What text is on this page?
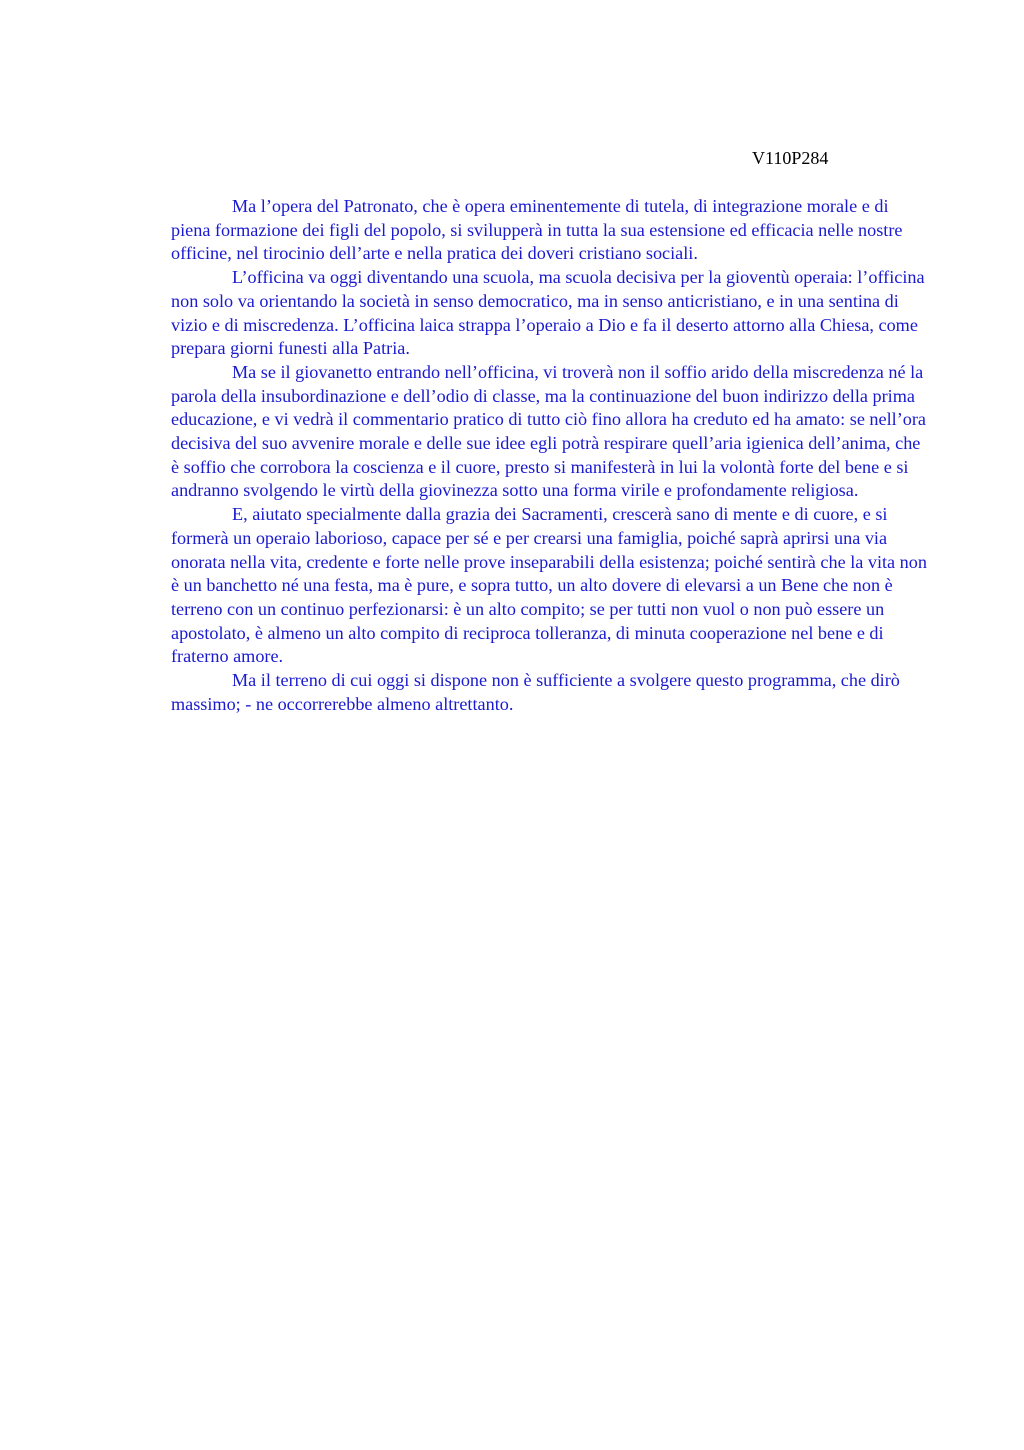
V110P284

Ma l’opera del Patronato, che è opera eminentemente di tutela, di integrazione morale e di piena formazione dei figli del popolo, si svilupperà in tutta la sua estensione ed efficacia nelle nostre officine, nel tirocinio dell’arte e nella pratica dei doveri cristiano sociali.

L’officina va oggi diventando una scuola, ma scuola decisiva per la gioventù operaia: l’officina non solo va orientando la società in senso democratico, ma in senso anticristiano, e in una sentina di vizio e di miscredenza. L’officina laica strappa l’operaio a Dio e fa il deserto attorno alla Chiesa, come prepara giorni funesti alla Patria.

Ma se il giovanetto entrando nell’officina, vi troverà non il soffio arido della miscredenza né la parola della insubordinazione e dell’odio di classe, ma la continuazione del buon indirizzo della prima educazione, e vi vedrà il commentario pratico di tutto ciò fino allora ha creduto ed ha amato: se nell’ora decisiva del suo avvenire morale e delle sue idee egli potrà respirare quell’aria igienica dell’anima, che è soffio che corrobora la coscienza e il cuore, presto si manifesterà in lui la volontà forte del bene e si andranno svolgendo le virtù della giovinezza sotto una forma virile e profondamente religiosa.

E, aiutato specialmente dalla grazia dei Sacramenti, crescerà sano di mente e di cuore, e si formerà un operaio laborioso, capace per sé e per crearsi una famiglia, poiché saprà aprirsi una via onorata nella vita, credente e forte nelle prove inseparabili della esistenza; poiché sentirà che la vita non è un banchetto né una festa, ma è pure, e sopra tutto, un alto dovere di elevarsi a un Bene che non è terreno con un continuo perfezionarsi: è un alto compito; se per tutti non vuol o non può essere un apostolato, è almeno un alto compito di reciproca tolleranza, di minuta cooperazione nel bene e di fraterno amore.

Ma il terreno di cui oggi si dispone non è sufficiente a svolgere questo programma, che dirò massimo; - ne occorrerebbe almeno altrettanto.
